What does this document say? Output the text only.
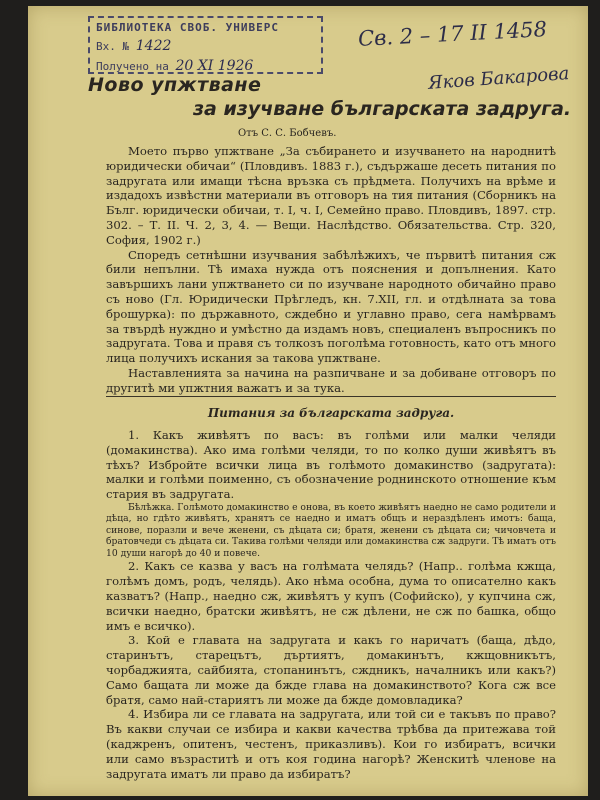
БИБЛИОТЕКА СВОБ. УНИВЕРС
Вх. № 1422
Получено на 20 XI 1926
Св. 2 – 17 II 1458
Яков Бакарова
Ново упжтване
за изучване българската задруга.
Отъ С. С. Бобчевъ.

Моето първо упжтване „За събирането и изучването на народнитѣ юридически обичаи“ (Пловдивъ. 1883 г.), съдържаше десеть питания по задругата или имащи тѣсна връзка съ прѣдмета. Получихъ на врѣме и издадохъ извѣстни материали въ отговоръ на тия питания (Сборникъ на Бълг. юридически обичаи, т. I, ч. I, Семейно право. Пловдивъ, 1897. стр. 302. – Т. II. Ч. 2, 3, 4. — Вещи. Наслѣдство. Обязательства. Стр. 320, София, 1902 г.)

Споредъ сетнѣшни изучвания забѣлѣжихъ, че първитѣ питания сж били непълни. Тѣ имаха нужда отъ пояснения и допълнения. Като завършихъ лани упжтването си по изучване народното обичайно право съ ново (Гл. Юридически Прѣгледъ, кн. 7.XII, гл. и отдѣлната за това брошурка): по държавното, сждебно и углавно право, сега намѣрвамъ за твърдѣ нуждно и умѣстно да издамъ новъ, специаленъ въпросникъ по задругата. Това и правя съ толкозъ поголѣма готовность, като отъ много лица получихъ искания за такова упжтване.

Наставленията за начина на разпичване и за добиване отговоръ по другитѣ ми упжтния важатъ и за тука.

Питания за българската задруга.

1. Какъ живѣятъ по васъ: въ голѣми или малки челяди (домакинства). Ако има голѣми челяди, то по колко души живѣятъ въ тѣхъ? Избройте всички лица въ голѣмото домакинство (задругата): малки и голѣми поименно, съ обозначение роднинското отношение към стария въ задругата.

Бѣлѣжка. Голѣмото домакинство е онова, въ което живѣятъ наедно не само родители и дѣца, но гдѣто живѣятъ, хранятъ се наедно и иматъ общъ и нераздѣленъ имотъ: баща, синове, поразли и вече женени, съ дѣцата си; братя, женени съ дѣцата си; чичовчета и братовчеди съ дѣцата си. Такива голѣми челяди или домакинства сж задруги. Тѣ иматъ отъ 10 души нагорѣ до 40 и повече.

2. Какъ се казва у васъ на голѣмата челядь? (Напр.. голѣма кжща, голѣмъ домъ, родъ, челядь). Ако нѣма особна, дума то описателно какъ казватъ? (Напр., наедно сж, живѣятъ у купъ (Софийско), у купчина сж, всички наедно, братски живѣятъ, не сж дѣлени, не сж по башка, общо имъ е всичко).

3. Кой е главата на задругата и какъ го наричатъ (баща, дѣдо, старинътъ, старецътъ, дъртиятъ, домакинътъ, кжщовникътъ, чорбаджията, сайбията, стопанинътъ, сждникъ, началникъ или какъ?) Само бащата ли може да бжде глава на домакинството? Кога сж все братя, само най-стариятъ ли може да бжде домовладика?

4. Избира ли се главата на задругата, или той си е такъвъ по право? Въ какви случаи се избира и какви качества трѣбва да притежава той (каджренъ, опитенъ, честенъ, приказливъ). Кои го избиратъ, всички или само възраститѣ и отъ коя година нагорѣ? Женскитѣ членове на задругата иматъ ли право да избиратъ?
